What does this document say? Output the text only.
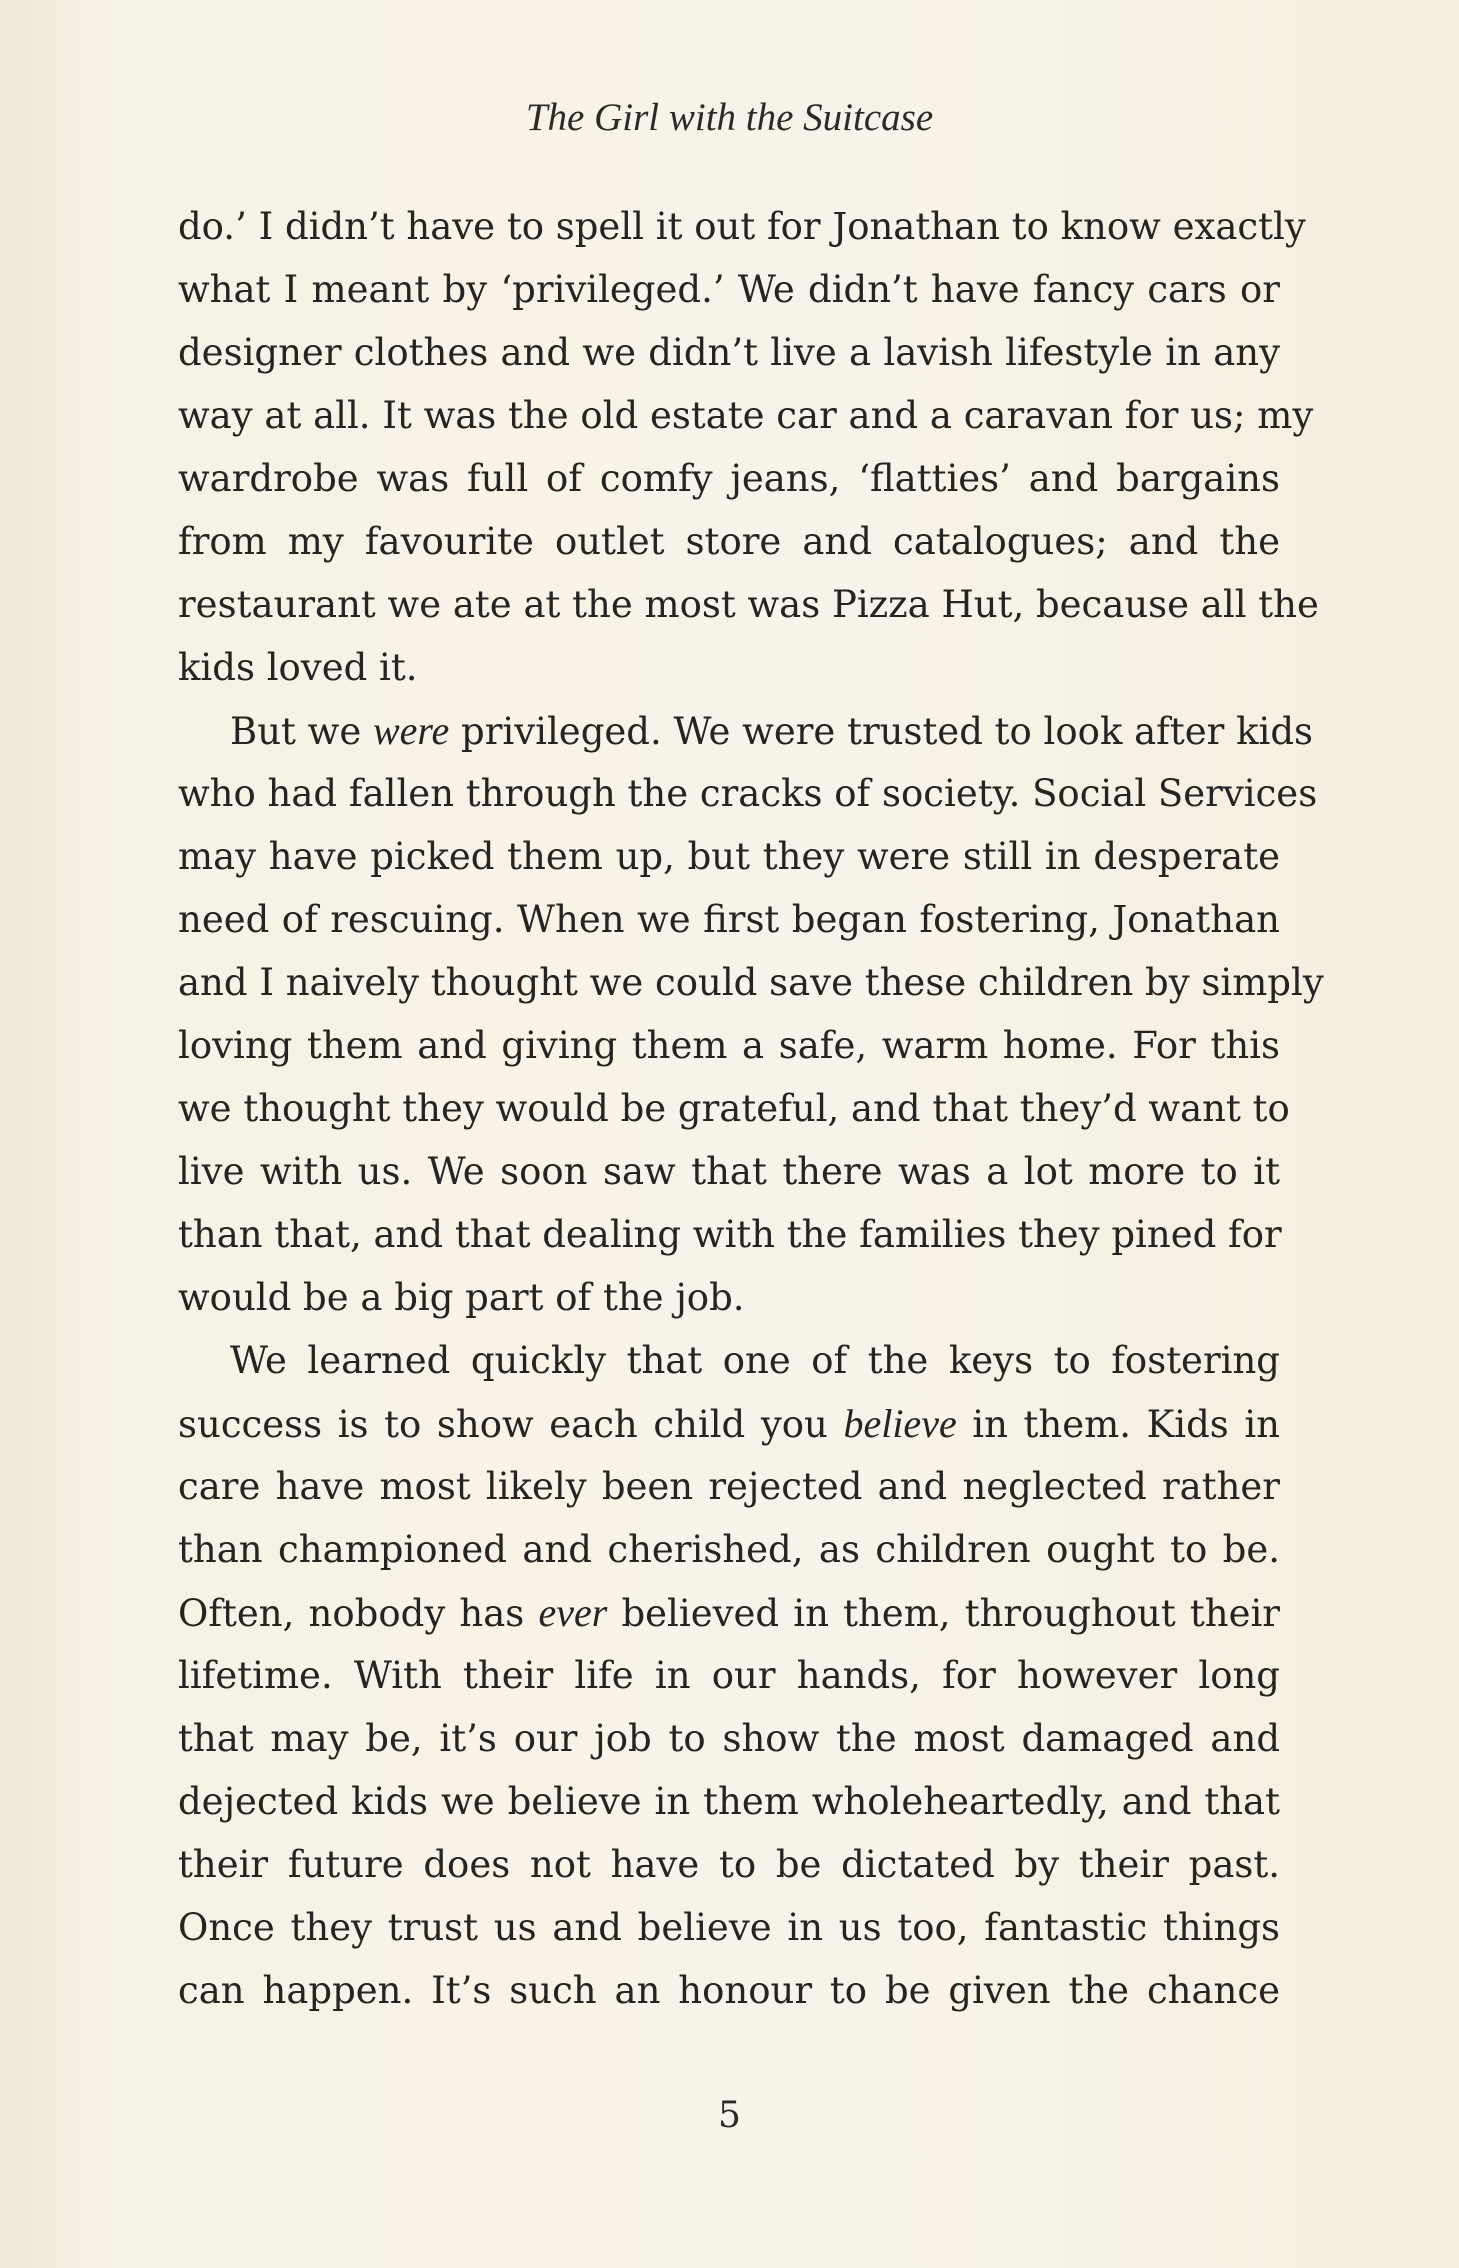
The Girl with the Suitcase
do.’ I didn’t have to spell it out for Jonathan to know exactly
what I meant by ‘privileged.’ We didn’t have fancy cars or
designer clothes and we didn’t live a lavish lifestyle in any
way at all. It was the old estate car and a caravan for us; my
wardrobe was full of comfy jeans, ‘flatties’ and bargains
from my favourite outlet store and catalogues; and the
restaurant we ate at the most was Pizza Hut, because all the
kids loved it.
But we were privileged. We were trusted to look after kids
who had fallen through the cracks of society. Social Services
may have picked them up, but they were still in desperate
need of rescuing. When we first began fostering, Jonathan
and I naively thought we could save these children by simply
loving them and giving them a safe, warm home. For this
we thought they would be grateful, and that they’d want to
live with us. We soon saw that there was a lot more to it
than that, and that dealing with the families they pined for
would be a big part of the job.
We learned quickly that one of the keys to fostering
success is to show each child you believe in them. Kids in
care have most likely been rejected and neglected rather
than championed and cherished, as children ought to be.
Often, nobody has ever believed in them, throughout their
lifetime. With their life in our hands, for however long
that may be, it’s our job to show the most damaged and
dejected kids we believe in them wholeheartedly, and that
their future does not have to be dictated by their past.
Once they trust us and believe in us too, fantastic things
can happen. It’s such an honour to be given the chance
5
